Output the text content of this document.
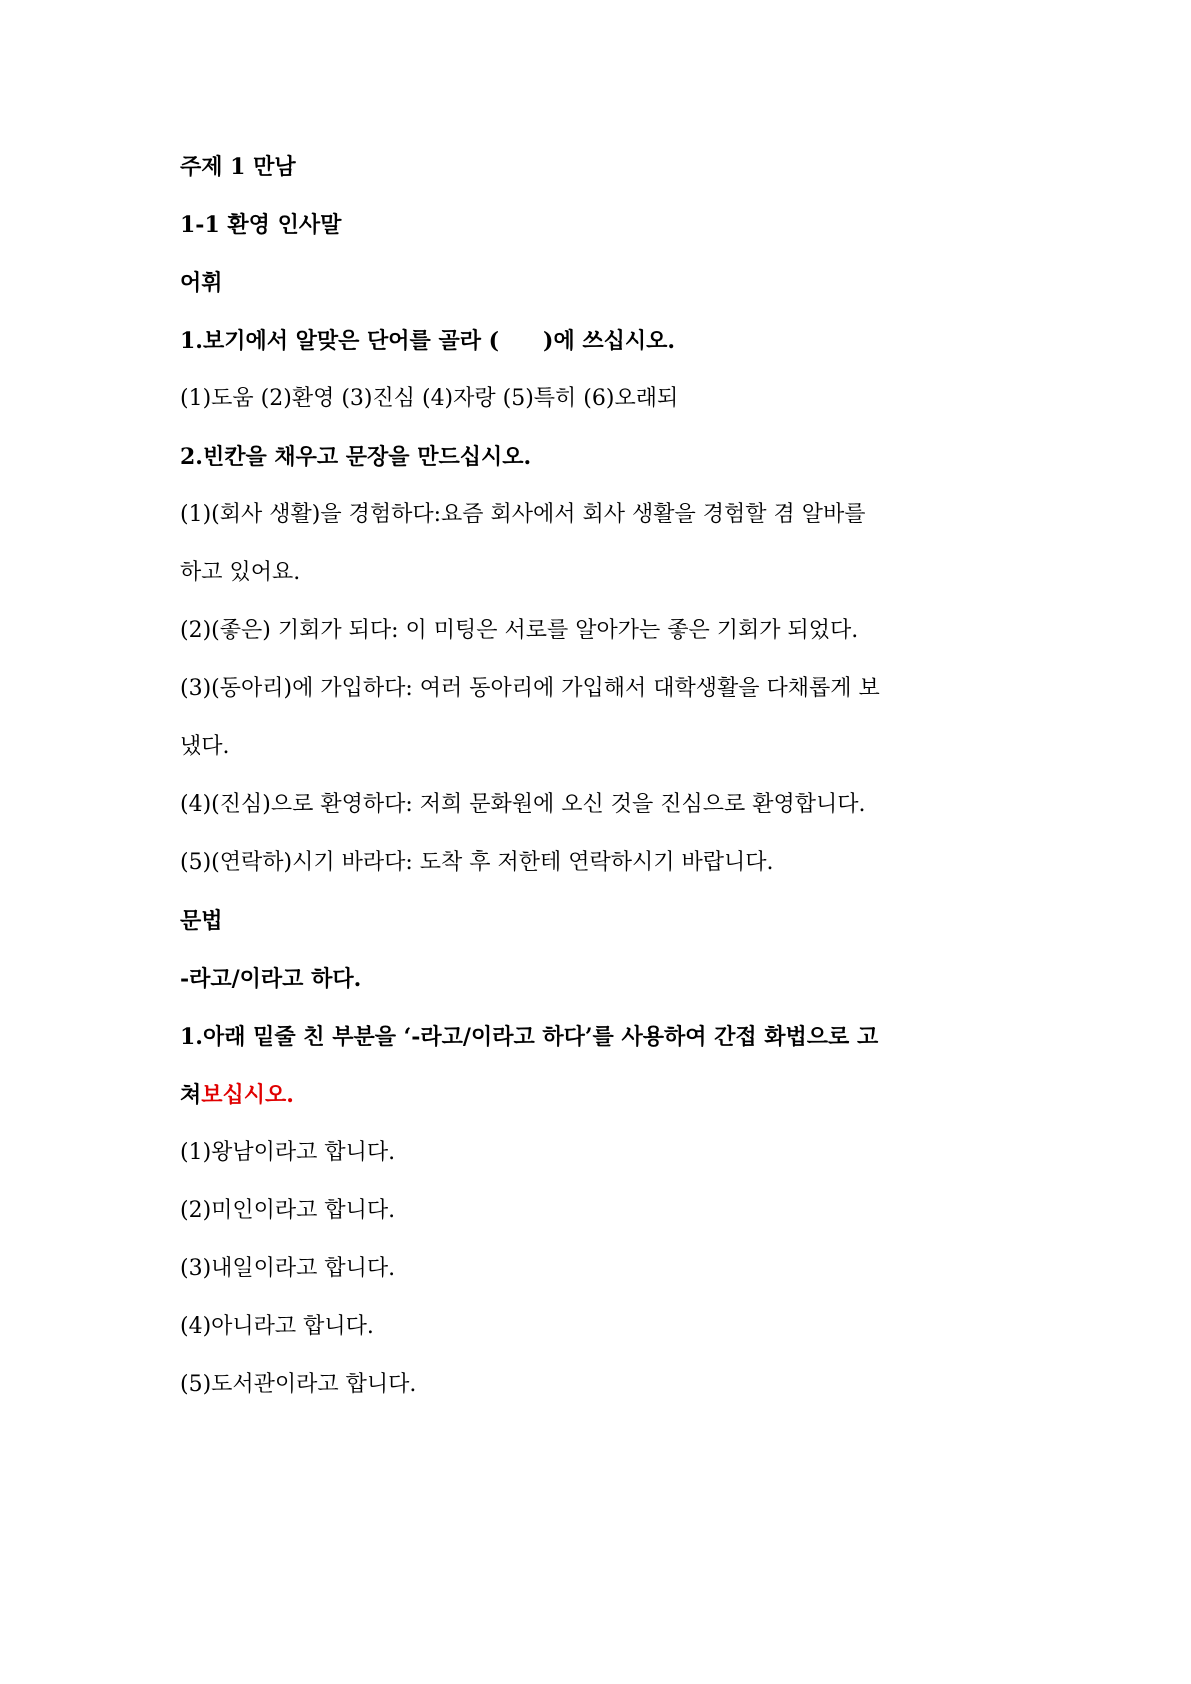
주제 1 만남
1-1 환영 인사말
어휘
1.보기에서 알맞은 단어를 골라 ( )에 쓰십시오.
(1)도움 (2)환영 (3)진심 (4)자랑 (5)특히 (6)오래되
2.빈칸을 채우고 문장을 만드십시오.
(1)(회사 생활)을 경험하다:요즘 회사에서 회사 생활을 경험할 겸 알바를
하고 있어요.
(2)(좋은) 기회가 되다: 이 미팅은 서로를 알아가는 좋은 기회가 되었다.
(3)(동아리)에 가입하다: 여러 동아리에 가입해서 대학생활을 다채롭게 보
냈다.
(4)(진심)으로 환영하다: 저희 문화원에 오신 것을 진심으로 환영합니다.
(5)(연락하)시기 바라다: 도착 후 저한테 연락하시기 바랍니다.
문법
-라고/이라고 하다.
1.아래 밑줄 친 부분을 ‘-라고/이라고 하다’를 사용하여 간접 화법으로 고
쳐보십시오.
(1)왕남이라고 합니다.
(2)미인이라고 합니다.
(3)내일이라고 합니다.
(4)아니라고 합니다.
(5)도서관이라고 합니다.
